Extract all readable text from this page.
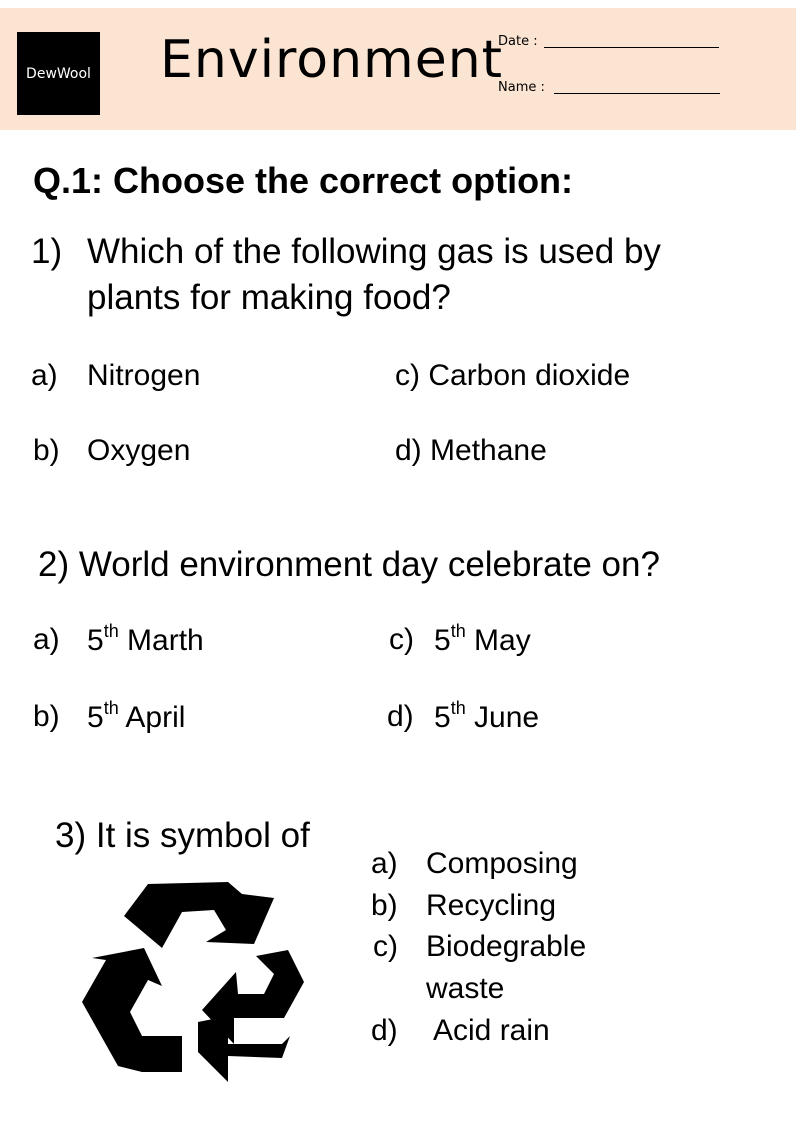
DewWool Environment
Date :
Name :
Q.1: Choose the correct option:
1) Which of the following gas is used by
plants for making food?
a) Nitrogen	c) Carbon dioxide
b) Oxygen	d) Methane
2) World environment day celebrate on?
a) 5th Marth	c) 5th May
b) 5th April	d) 5th June
3) It is symbol of
a) Composing
b) Recycling
c) Biodegrable
waste
d) Acid rain
